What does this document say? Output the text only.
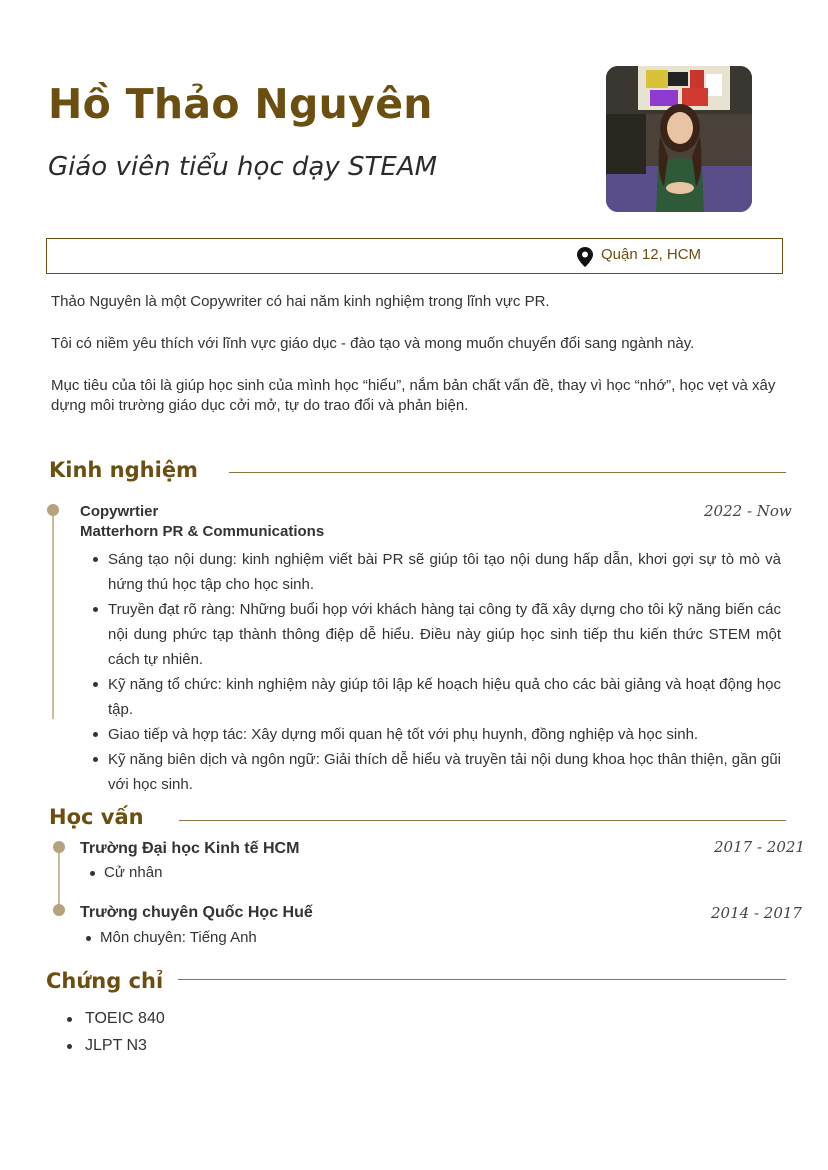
Hồ Thảo Nguyên
Giáo viên tiểu học dạy STEAM
Quận 12, HCM

Thảo Nguyên là một Copywriter có hai năm kinh nghiệm trong lĩnh vực PR.

Tôi có niềm yêu thích với lĩnh vực giáo dục - đào tạo và mong muốn chuyển đổi sang ngành này.

Mục tiêu của tôi là giúp học sinh của mình học “hiểu”, nắm bản chất vấn đề, thay vì học “nhớ”, học vẹt và xây dựng môi trường giáo dục cởi mở, tự do trao đổi và phản biện.

Kinh nghiệm
Copywrtier
Matterhorn PR & Communications
2022 - Now
Sáng tạo nội dung: kinh nghiệm viết bài PR sẽ giúp tôi tạo nội dung hấp dẫn, khơi gợi sự tò mò và hứng thú học tập cho học sinh.
Truyền đạt rõ ràng: Những buổi họp với khách hàng tại công ty đã xây dựng cho tôi kỹ năng biến các nội dung phức tạp thành thông điệp dễ hiểu. Điều này giúp học sinh tiếp thu kiến thức STEM một cách tự nhiên.
Kỹ năng tổ chức: kinh nghiệm này giúp tôi lập kế hoạch hiệu quả cho các bài giảng và hoạt động học tập.
Giao tiếp và hợp tác: Xây dựng mối quan hệ tốt với phụ huynh, đồng nghiệp và học sinh.
Kỹ năng biên dịch và ngôn ngữ: Giải thích dễ hiểu và truyền tải nội dung khoa học thân thiện, gần gũi với học sinh.
Học vấn
Trường Đại học Kinh tế HCM	2017 - 2021
Cử nhân
Trường chuyên Quốc Học Huế	2014 - 2017
Môn chuyên: Tiếng Anh
Chứng chỉ
TOEIC 840
JLPT N3
